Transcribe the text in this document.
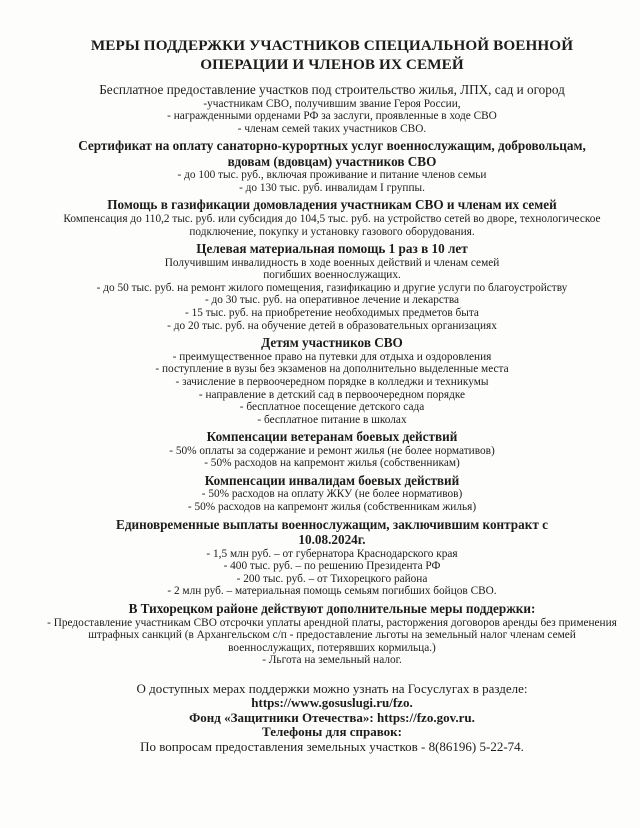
МЕРЫ ПОДДЕРЖКИ УЧАСТНИКОВ СПЕЦИАЛЬНОЙ ВОЕННОЙ ОПЕРАЦИИ И ЧЛЕНОВ ИХ СЕМЕЙ
Бесплатное предоставление участков под строительство жилья, ЛПХ, сад и огород
-участникам СВО, получившим звание Героя России,
- награжденными орденами РФ за заслуги, проявленные в ходе СВО
- членам семей таких участников СВО.
Сертификат на оплату санаторно-курортных услуг военнослужащим, добровольцам, вдовам (вдовцам) участников СВО
- до 100 тыс. руб., включая проживание и питание членов семьи
- до 130 тыс. руб. инвалидам I группы.
Помощь в газификации домовладения участникам СВО и членам их семей
Компенсация до 110,2 тыс. руб. или субсидия до 104,5 тыс. руб. на устройство сетей во дворе, технологическое подключение, покупку и установку газового оборудования.
Целевая материальная помощь 1 раз в 10 лет
Получившим инвалидность в ходе военных действий и членам семей погибших военнослужащих.
- до 50 тыс. руб. на ремонт жилого помещения, газификацию и другие услуги по благоустройству
- до 30 тыс. руб. на оперативное лечение и лекарства
- 15 тыс. руб. на приобретение необходимых предметов быта
- до 20 тыс. руб. на обучение детей в образовательных организациях
Детям участников СВО
- преимущественное право на путевки для отдыха и оздоровления
- поступление в вузы без экзаменов на дополнительно выделенные места
- зачисление в первоочередном порядке в колледжи и техникумы
- направление в детский сад в первоочередном порядке
- бесплатное посещение детского сада
- бесплатное питание в школах
Компенсации ветеранам боевых действий
- 50% оплаты за содержание и ремонт жилья (не более нормативов)
- 50% расходов на капремонт жилья (собственникам)
Компенсации инвалидам боевых действий
- 50% расходов на оплату ЖКУ (не более нормативов)
- 50% расходов на капремонт жилья (собственникам жилья)
Единовременные выплаты военнослужащим, заключившим контракт с 10.08.2024г.
- 1,5 млн руб. – от губернатора Краснодарского края
- 400 тыс. руб. – по решению Президента РФ
- 200 тыс. руб. – от Тихорецкого района
- 2 млн руб. – материальная помощь семьям погибших бойцов СВО.
В Тихорецком районе действуют дополнительные меры поддержки:
- Предоставление участникам СВО отсрочки уплаты арендной платы, расторжения договоров аренды без применения штрафных санкций (в Архангельском с/п - предоставление льготы на земельный налог членам семей военнослужащих, потерявших кормильца.)
- Льгота на земельный налог.
О доступных мерах поддержки можно узнать на Госуслугах в разделе:
https://www.gosuslugi.ru/fzo.
Фонд «Защитники Отечества»: https://fzo.gov.ru.
Телефоны для справок:
По вопросам предоставления земельных участков - 8(86196) 5-22-74.
